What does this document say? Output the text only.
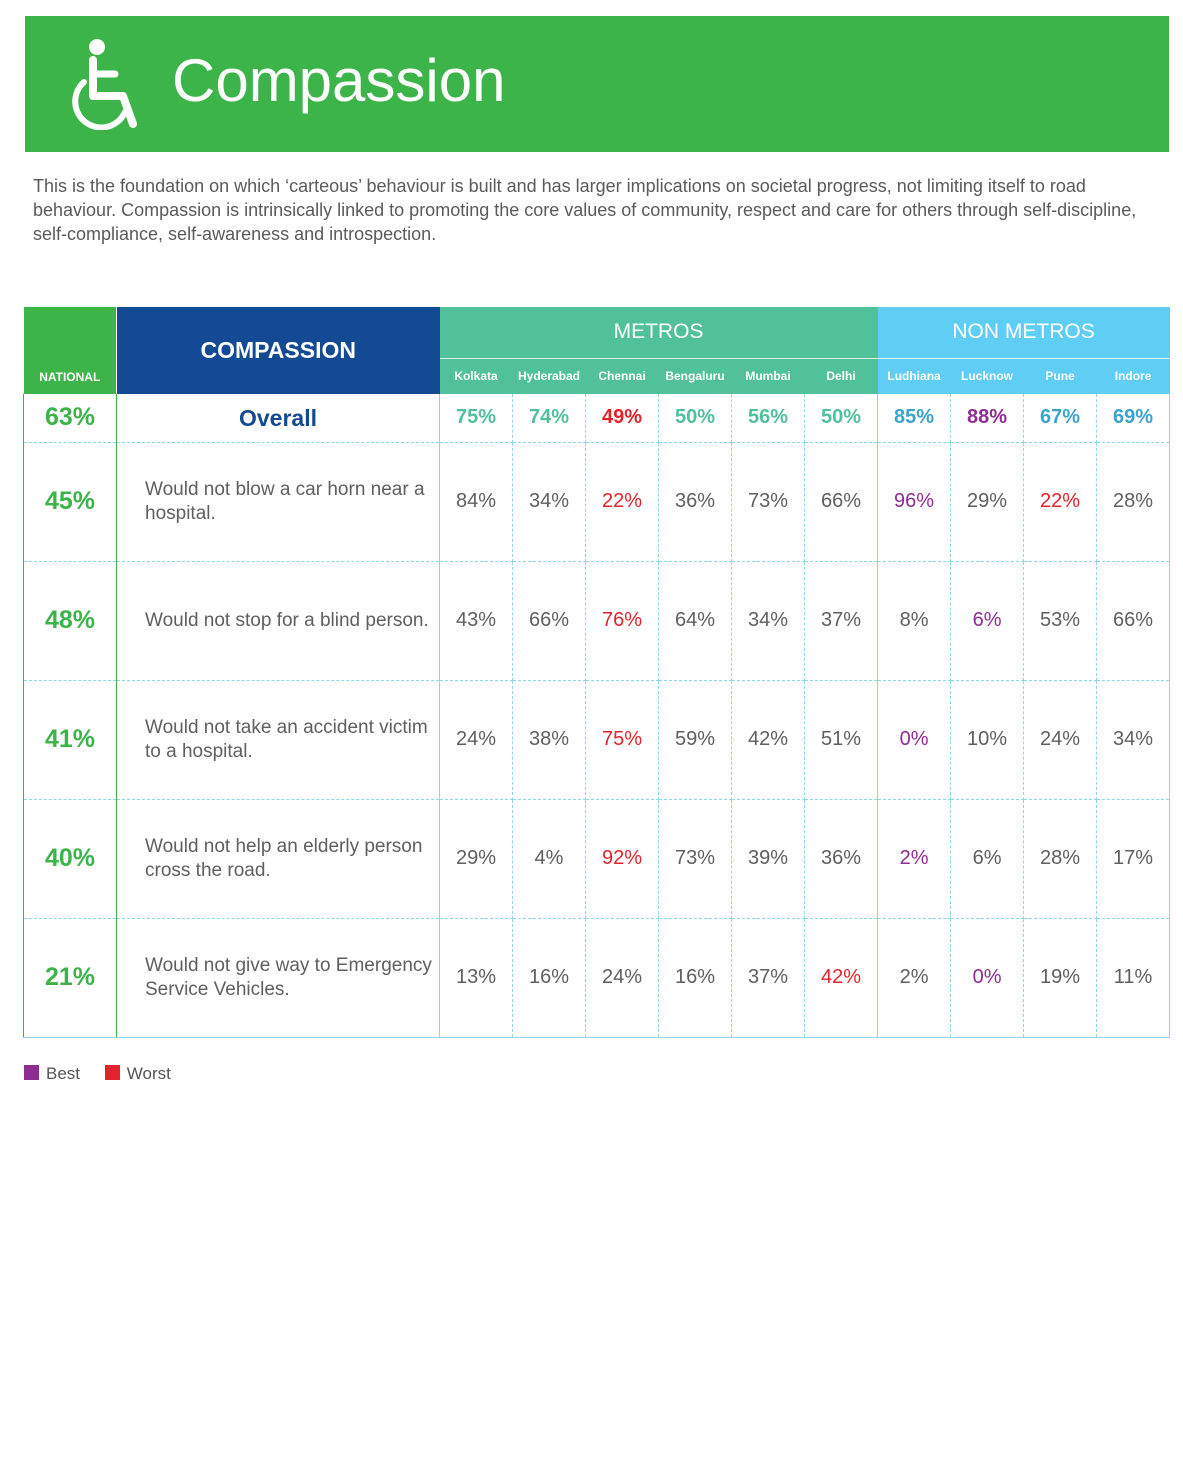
Compassion
This is the foundation on which ‘carteous’ behaviour is built and has larger implications on societal progress, not limiting itself to road behaviour. Compassion is intrinsically linked to promoting the core values of community, respect and care for others through self-discipline, self-compliance, self-awareness and introspection.
NATIONAL	COMPASSION	METROS						NON METROS			
		Kolkata	Hyderabad	Chennai	Bengaluru	Mumbai	Delhi	Ludhiana	Lucknow	Pune	Indore
63%	Overall	75%	74%	49%	50%	56%	50%	85%	88%	67%	69%
45%	Would not blow a car horn near a hospital.	84%	34%	22%	36%	73%	66%	96%	29%	22%	28%
48%	Would not stop for a blind person.	43%	66%	76%	64%	34%	37%	8%	6%	53%	66%
41%	Would not take an accident victim to a hospital.	24%	38%	75%	59%	42%	51%	0%	10%	24%	34%
40%	Would not help an elderly person cross the road.	29%	4%	92%	73%	39%	36%	2%	6%	28%	17%
21%	Would not give way to Emergency Service Vehicles.	13%	16%	24%	16%	37%	42%	2%	0%	19%	11%
Best	Worst
